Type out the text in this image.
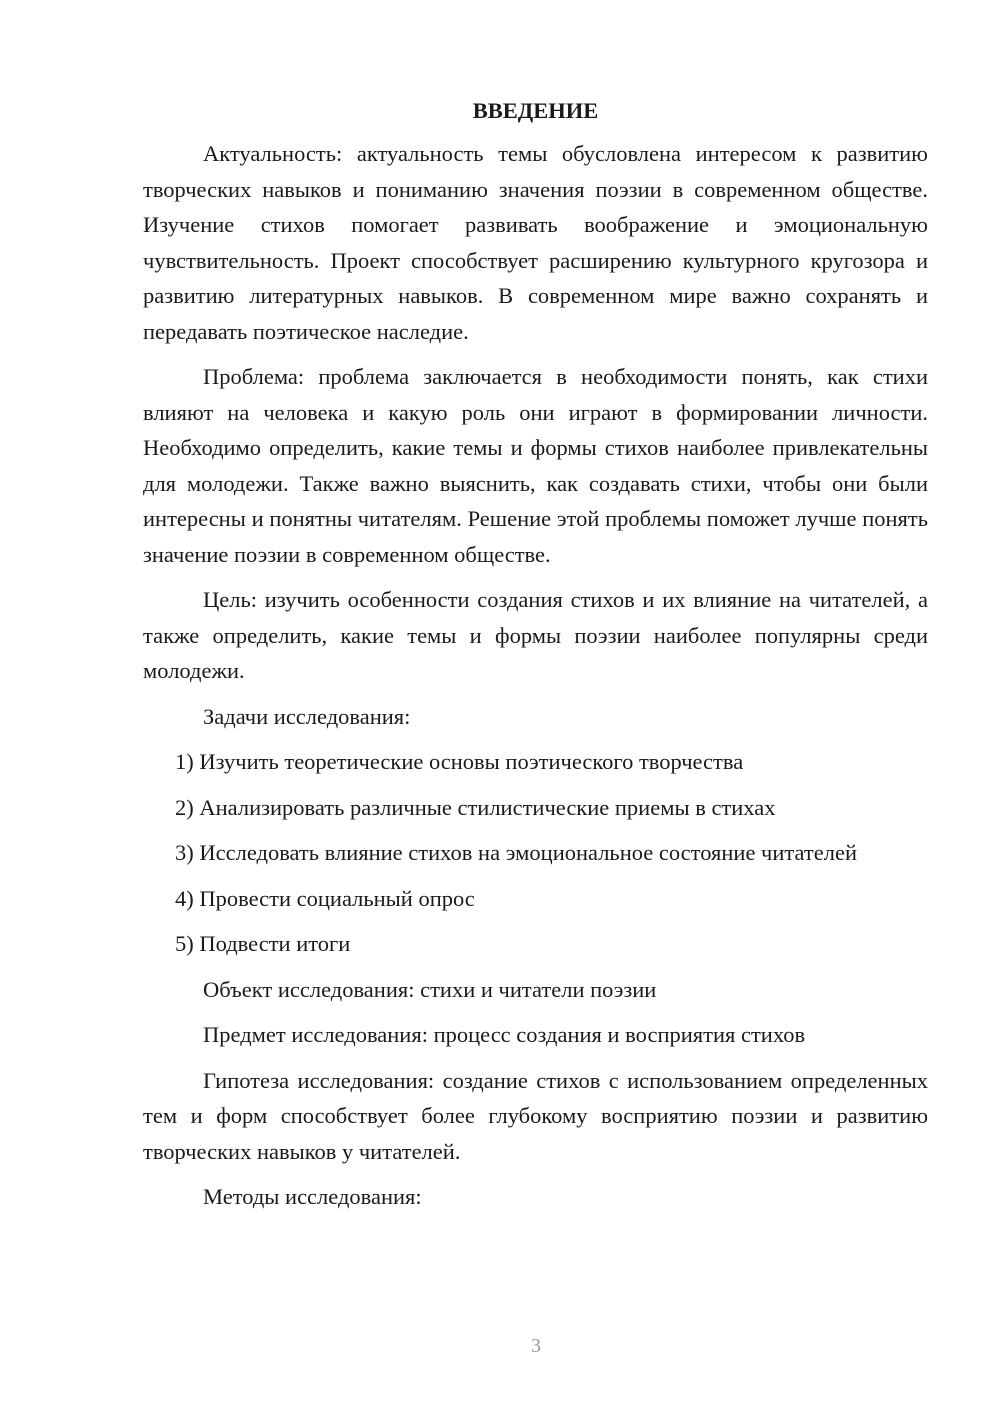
ВВЕДЕНИЕ

Актуальность: актуальность темы обусловлена интересом к развитию творческих навыков и пониманию значения поэзии в современном обществе. Изучение стихов помогает развивать воображение и эмоциональную чувствительность. Проект способствует расширению культурного кругозора и развитию литературных навыков. В современном мире важно сохранять и передавать поэтическое наследие.

Проблема: проблема заключается в необходимости понять, как стихи влияют на человека и какую роль они играют в формировании личности. Необходимо определить, какие темы и формы стихов наиболее привлекательны для молодежи. Также важно выяснить, как создавать стихи, чтобы они были интересны и понятны читателям. Решение этой проблемы поможет лучше понять значение поэзии в современном обществе.

Цель: изучить особенности создания стихов и их влияние на читателей, а также определить, какие темы и формы поэзии наиболее популярны среди молодежи.

Задачи исследования:
1) Изучить теоретические основы поэтического творчества
2) Анализировать различные стилистические приемы в стихах
3) Исследовать влияние стихов на эмоциональное состояние читателей
4) Провести социальный опрос
5) Подвести итоги
Объект исследования: стихи и читатели поэзии
Предмет исследования: процесс создания и восприятия стихов

Гипотеза исследования: создание стихов с использованием определенных тем и форм способствует более глубокому восприятию поэзии и развитию творческих навыков у читателей.

Методы исследования:
3
